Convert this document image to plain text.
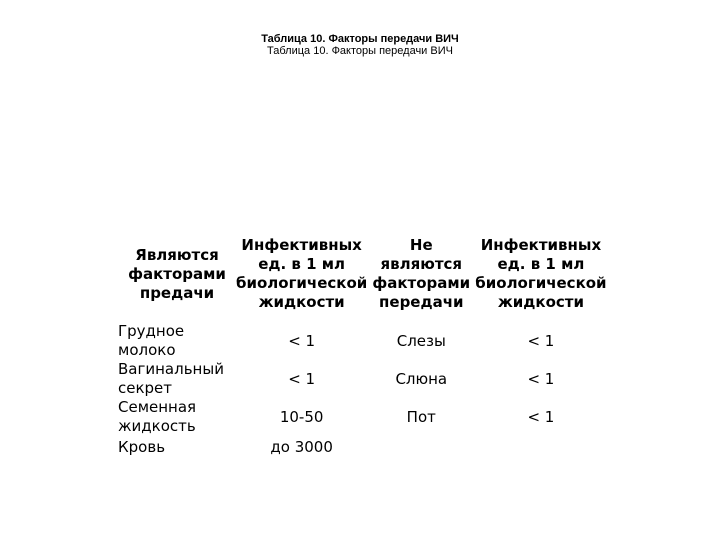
Таблица 10. Факторы передачи ВИЧ
Таблица 10. Факторы передачи ВИЧ
Являются факторами предачи	Инфективных ед. в 1 мл биологической жидкости	Не являются факторами передачи	Инфективных ед. в 1 мл биологической жидкости
Грудное молоко	< 1	Слезы	< 1
Вагинальный секрет	< 1	Слюна	< 1
Семенная жидкость	10-50	Пот	< 1
Кровь	до 3000		
